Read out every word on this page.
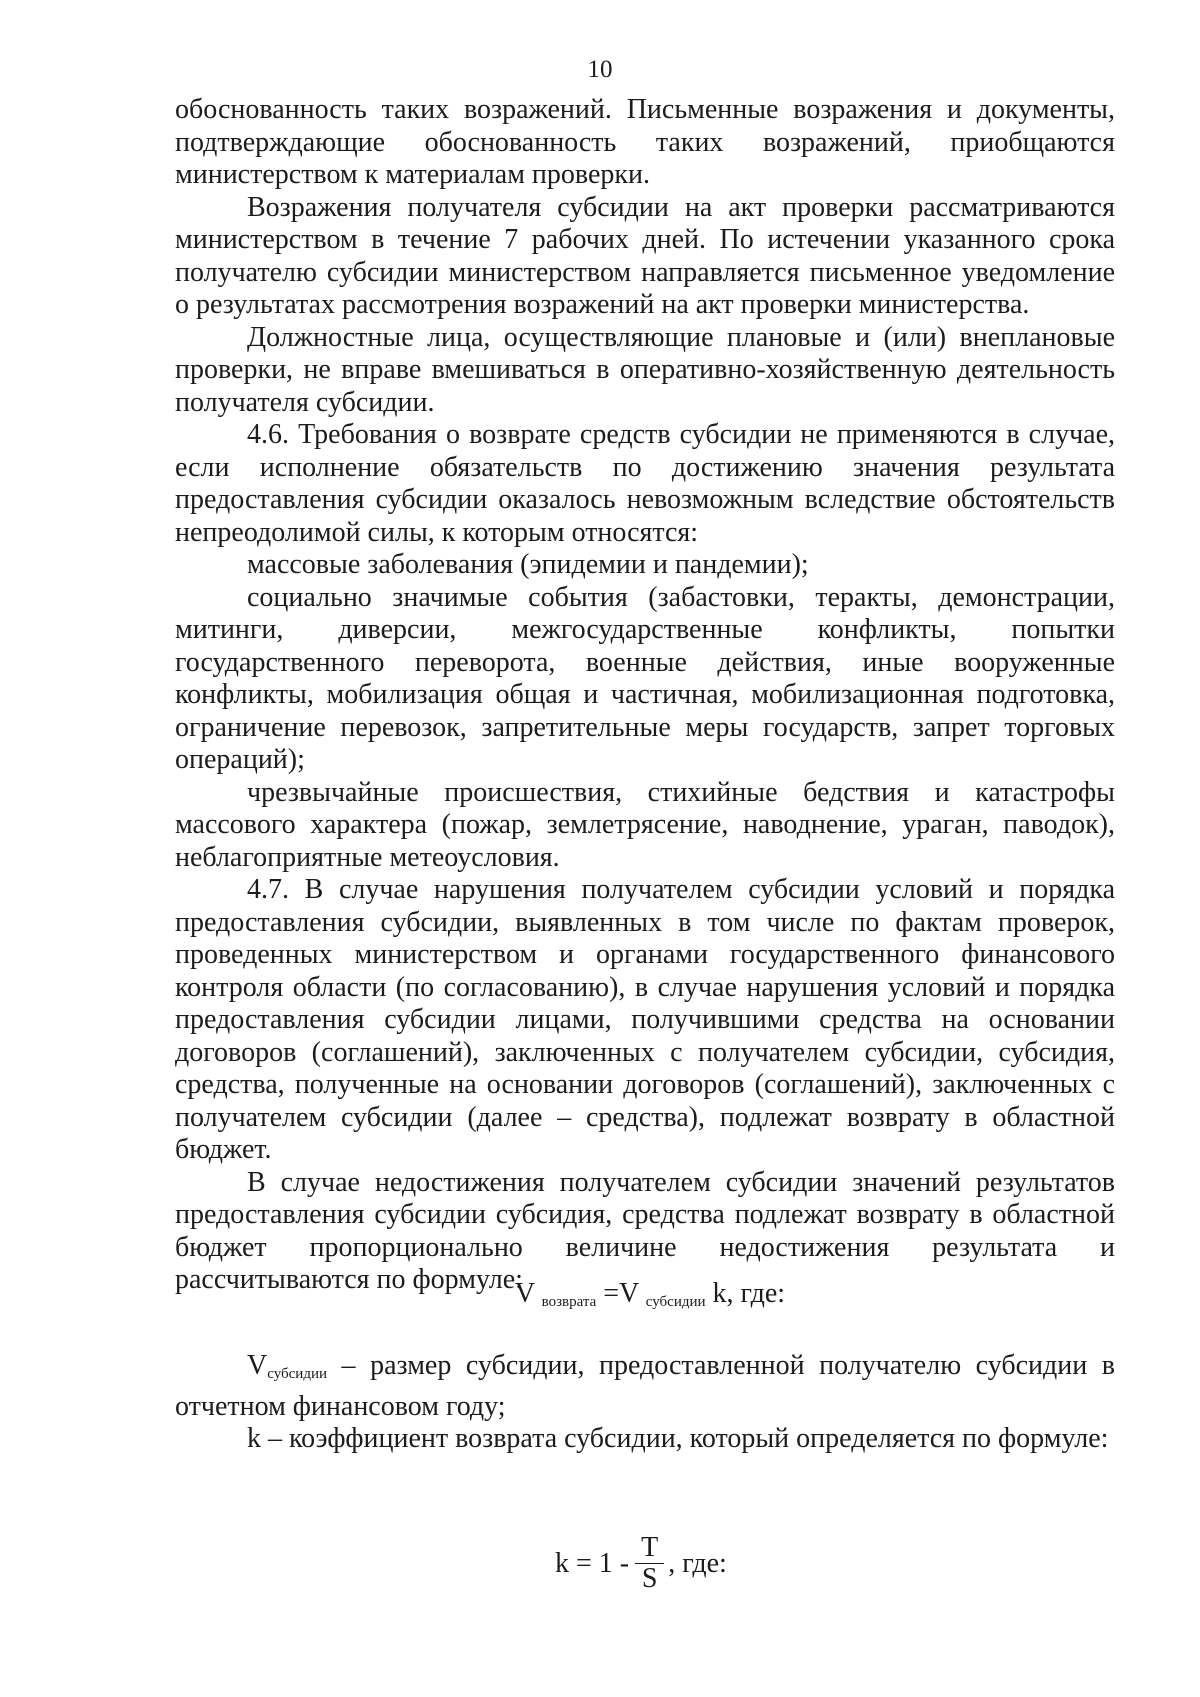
10

обоснованность таких возражений. Письменные возражения и документы, подтверждающие обоснованность таких возражений, приобщаются министерством к материалам проверки.

Возражения получателя субсидии на акт проверки рассматриваются министерством в течение 7 рабочих дней. По истечении указанного срока получателю субсидии министерством направляется письменное уведомление о результатах рассмотрения возражений на акт проверки министерства.

Должностные лица, осуществляющие плановые и (или) внеплановые проверки, не вправе вмешиваться в оперативно-хозяйственную деятельность получателя субсидии.

4.6. Требования о возврате средств субсидии не применяются в случае, если исполнение обязательств по достижению значения результата предоставления субсидии оказалось невозможным вследствие обстоятельств непреодолимой силы, к которым относятся:

массовые заболевания (эпидемии и пандемии);

социально значимые события (забастовки, теракты, демонстрации, митинги, диверсии, межгосударственные конфликты, попытки государственного переворота, военные действия, иные вооруженные конфликты, мобилизация общая и частичная, мобилизационная подготовка, ограничение перевозок, запретительные меры государств, запрет торговых операций);

чрезвычайные происшествия, стихийные бедствия и катастрофы массового характера (пожар, землетрясение, наводнение, ураган, паводок), неблагоприятные метеоусловия.

4.7. В случае нарушения получателем субсидии условий и порядка предоставления субсидии, выявленных в том числе по фактам проверок, проведенных министерством и органами государственного финансового контроля области (по согласованию), в случае нарушения условий и порядка предоставления субсидии лицами, получившими средства на основании договоров (соглашений), заключенных с получателем субсидии, субсидия, средства, полученные на основании договоров (соглашений), заключенных с получателем субсидии (далее – средства), подлежат возврату в областной бюджет.

В случае недостижения получателем субсидии значений результатов предоставления субсидии субсидия, средства подлежат возврату в областной бюджет пропорционально величине недостижения результата и рассчитываются по формуле:

V $_{возврата}$ =V $_{субсидии}$ k, где:

$V_{субсидии}$ – размер субсидии, предоставленной получателю субсидии в отчетном финансовом году;

k – коэффициент возврата субсидии, который определяется по формуле:

$k = 1 - \frac{T}{S}$ , где:
